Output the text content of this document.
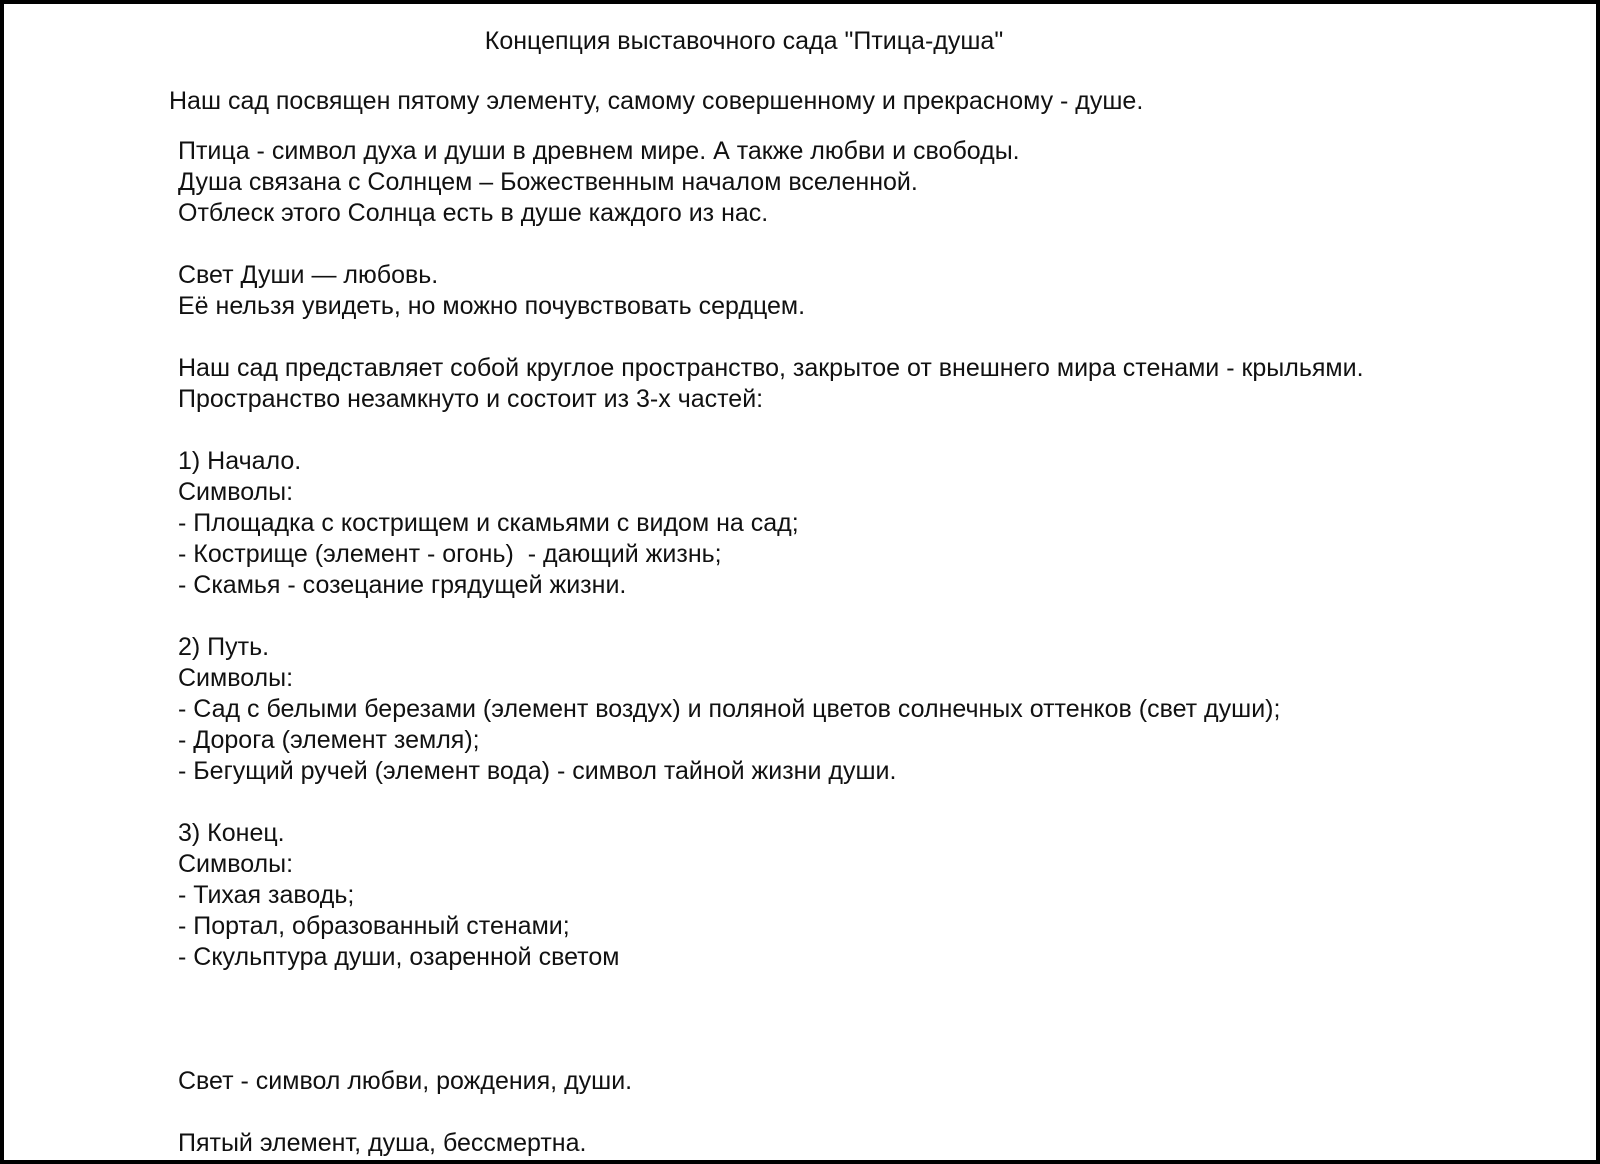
Концепция выставочного сада "Птица-душа"
Наш сад посвящен пятому элементу, самому совершенному и прекрасному - душе.
Птица - символ духа и души в древнем мире. А также любви и свободы.
Душа связана с Солнцем – Божественным началом вселенной.
Отблеск этого Солнца есть в душе каждого из нас.
Свет Души — любовь.
Её нельзя увидеть, но можно почувствовать сердцем.
Наш сад представляет собой круглое пространство, закрытое от внешнего мира стенами - крыльями.
Пространство незамкнуто и состоит из 3-х частей:
1) Начало.
Символы:
- Площадка с кострищем и скамьями с видом на сад;
- Кострище (элемент - огонь)  - дающий жизнь;
- Скамья - созецание грядущей жизни.
2) Путь.
Символы:
- Сад с белыми березами (элемент воздух) и поляной цветов солнечных оттенков (свет души);
- Дорога (элемент земля);
- Бегущий ручей (элемент вода) - символ тайной жизни души.
3) Конец.
Символы:
- Тихая заводь;
- Портал, образованный стенами;
- Скульптура души, озаренной светом
Свет - символ любви, рождения, души.
Пятый элемент, душа, бессмертна.
